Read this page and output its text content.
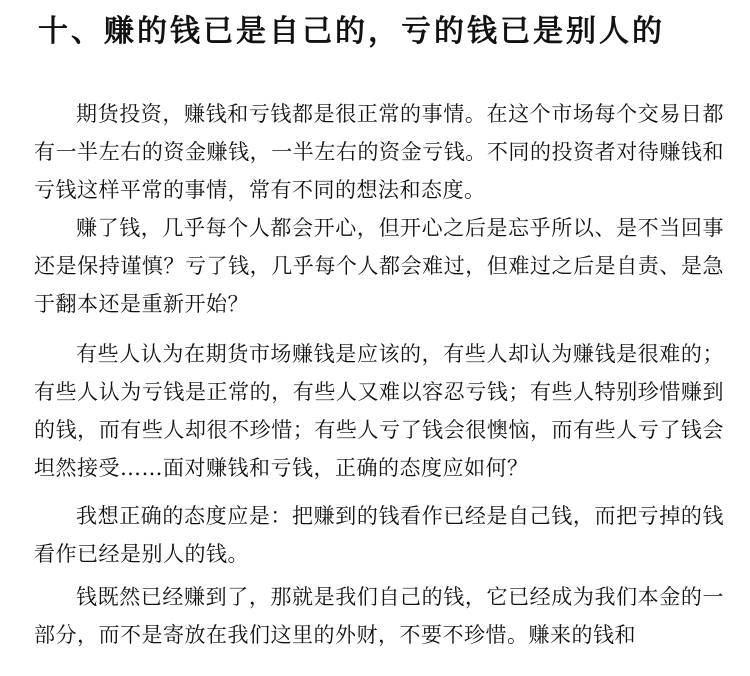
十、赚的钱已是自己的，亏的钱已是别人的

期货投资，赚钱和亏钱都是很正常的事情。在这个市场每个交易日都有一半左右的资金赚钱，一半左右的资金亏钱。不同的投资者对待赚钱和亏钱这样平常的事情，常有不同的想法和态度。

赚了钱，几乎每个人都会开心，但开心之后是忘乎所以、是不当回事还是保持谨慎？亏了钱，几乎每个人都会难过，但难过之后是自责、是急于翻本还是重新开始？

有些人认为在期货市场赚钱是应该的，有些人却认为赚钱是很难的；有些人认为亏钱是正常的，有些人又难以容忍亏钱；有些人特别珍惜赚到的钱，而有些人却很不珍惜；有些人亏了钱会很懊恼，而有些人亏了钱会坦然接受……面对赚钱和亏钱，正确的态度应如何？

我想正确的态度应是：把赚到的钱看作已经是自己钱，而把亏掉的钱看作已经是别人的钱。

钱既然已经赚到了，那就是我们自己的钱，它已经成为我们本金的一部分，而不是寄放在我们这里的外财，不要不珍惜。赚来的钱和
